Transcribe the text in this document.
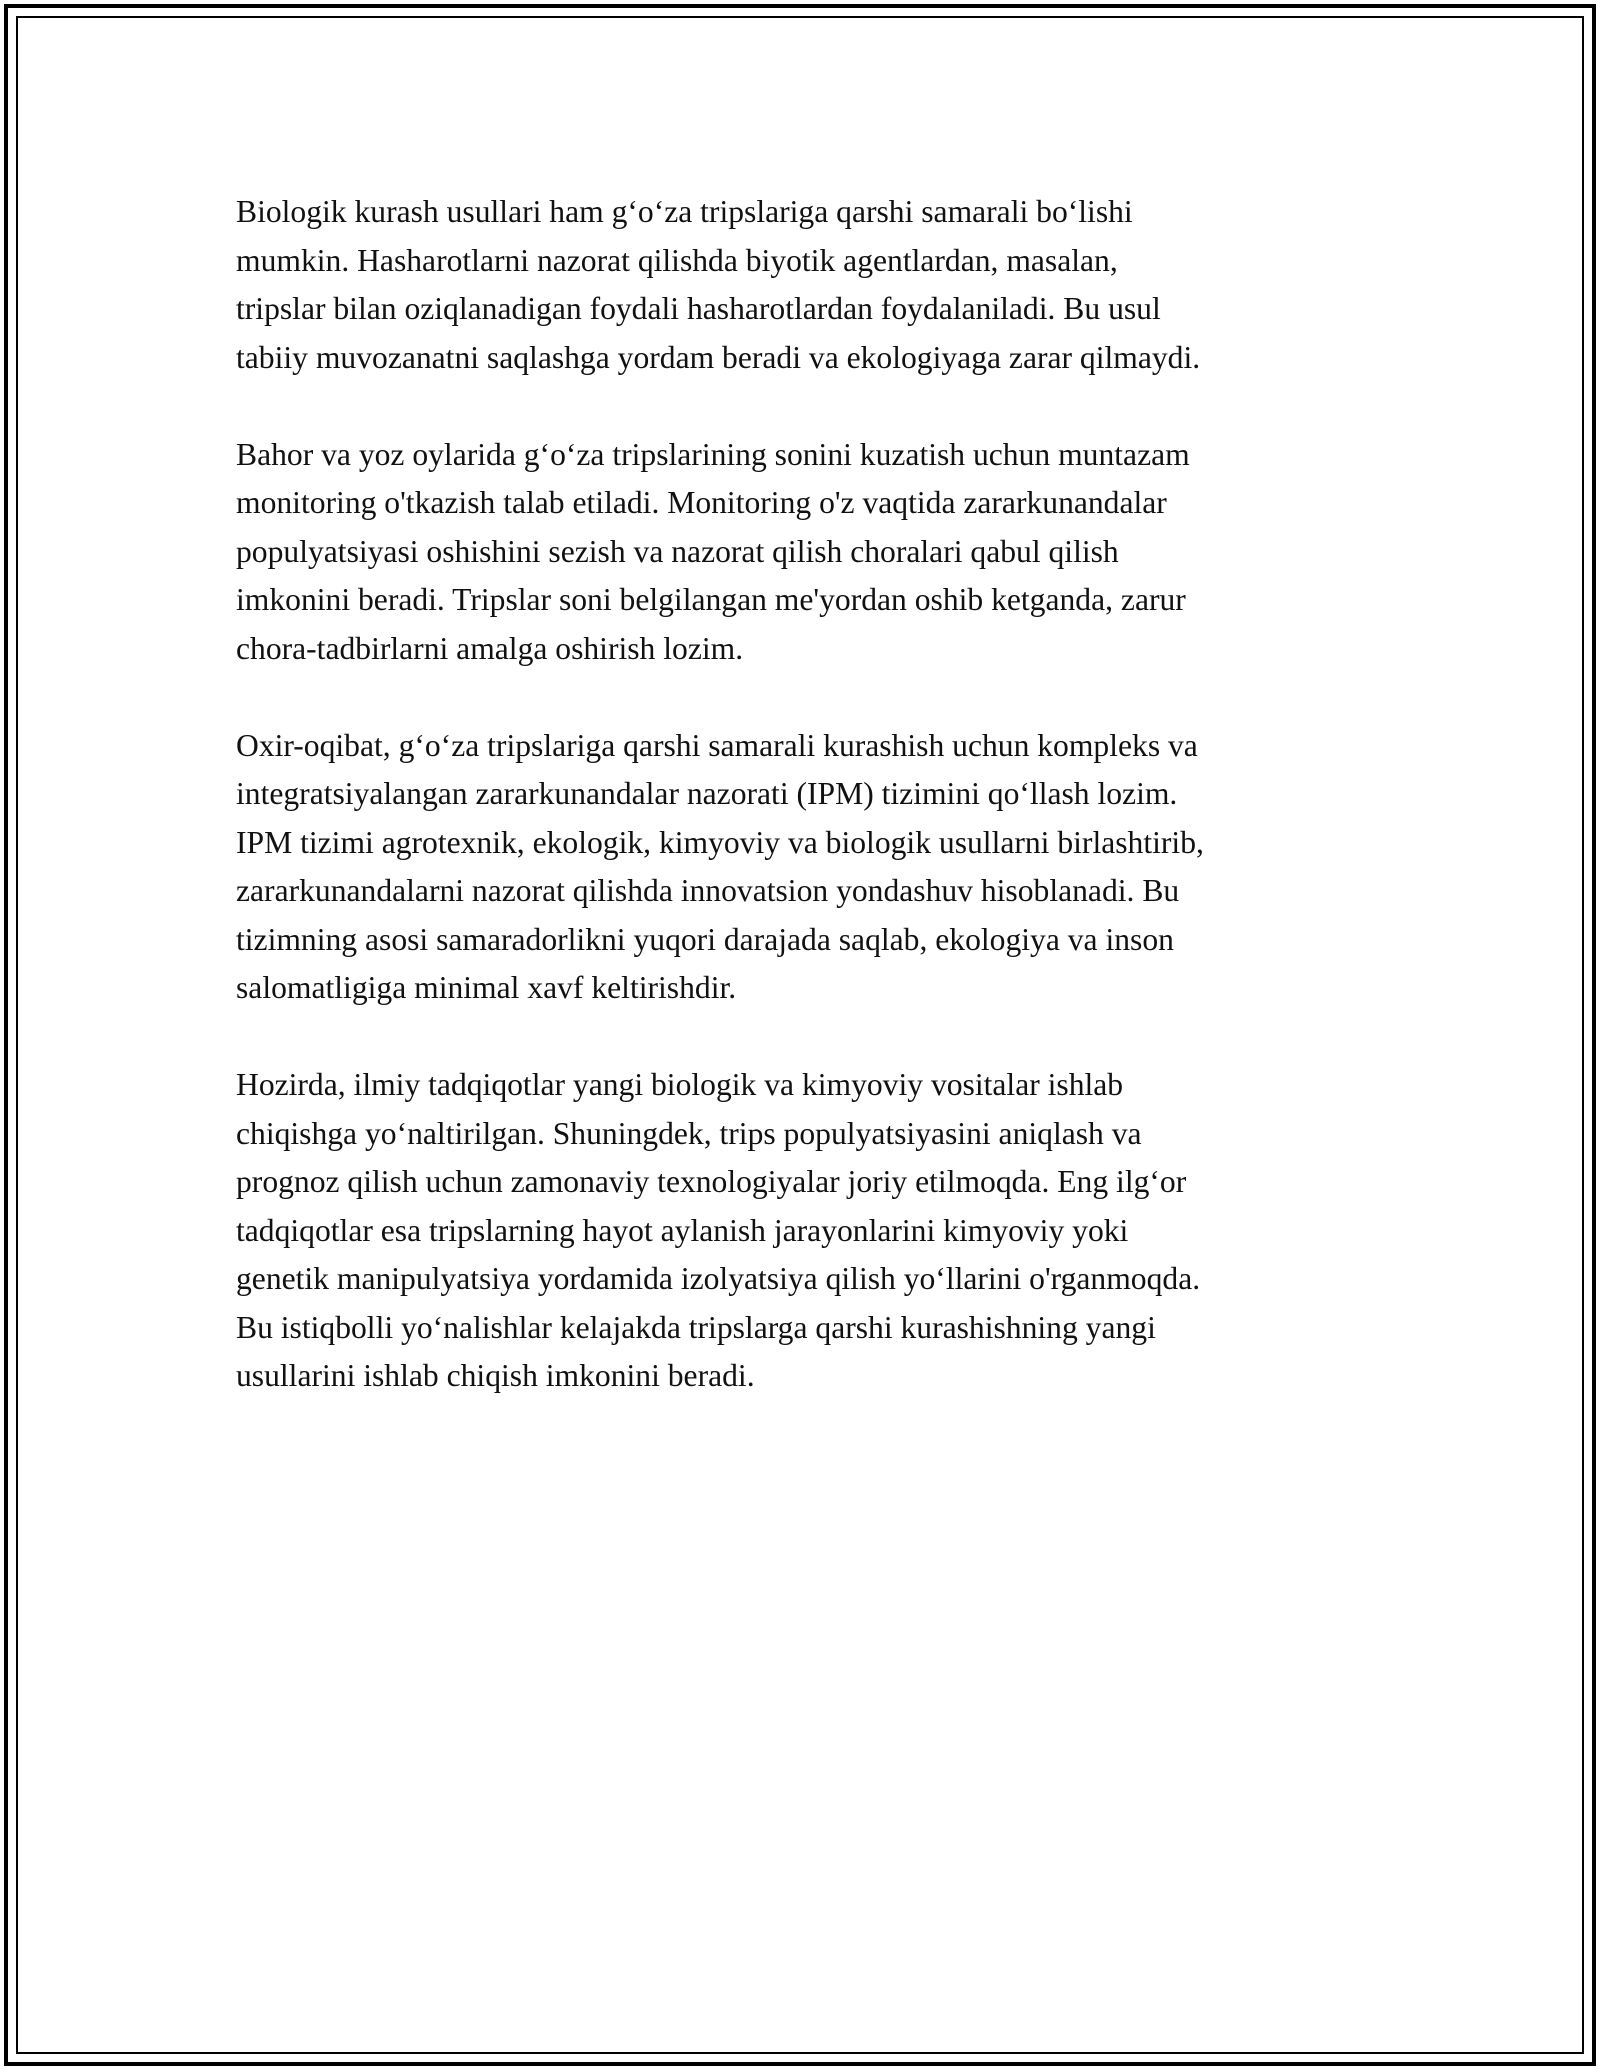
Biologik kurash usullari ham g‘o‘za tripslariga qarshi samarali bo‘lishi
mumkin. Hasharotlarni nazorat qilishda biyotik agentlardan, masalan,
tripslar bilan oziqlanadigan foydali hasharotlardan foydalaniladi. Bu usul
tabiiy muvozanatni saqlashga yordam beradi va ekologiyaga zarar qilmaydi.

Bahor va yoz oylarida g‘o‘za tripslarining sonini kuzatish uchun muntazam
monitoring o'tkazish talab etiladi. Monitoring o'z vaqtida zararkunandalar
populyatsiyasi oshishini sezish va nazorat qilish choralari qabul qilish
imkonini beradi. Tripslar soni belgilangan me'yordan oshib ketganda, zarur
chora-tadbirlarni amalga oshirish lozim.

Oxir-oqibat, g‘o‘za tripslariga qarshi samarali kurashish uchun kompleks va
integratsiyalangan zararkunandalar nazorati (IPM) tizimini qo‘llash lozim.
IPM tizimi agrotexnik, ekologik, kimyoviy va biologik usullarni birlashtirib,
zararkunandalarni nazorat qilishda innovatsion yondashuv hisoblanadi. Bu
tizimning asosi samaradorlikni yuqori darajada saqlab, ekologiya va inson
salomatligiga minimal xavf keltirishdir.

Hozirda, ilmiy tadqiqotlar yangi biologik va kimyoviy vositalar ishlab
chiqishga yo‘naltirilgan. Shuningdek, trips populyatsiyasini aniqlash va
prognoz qilish uchun zamonaviy texnologiyalar joriy etilmoqda. Eng ilg‘or
tadqiqotlar esa tripslarning hayot aylanish jarayonlarini kimyoviy yoki
genetik manipulyatsiya yordamida izolyatsiya qilish yo‘llarini o'rganmoqda.
Bu istiqbolli yo‘nalishlar kelajakda tripslarga qarshi kurashishning yangi
usullarini ishlab chiqish imkonini beradi.
